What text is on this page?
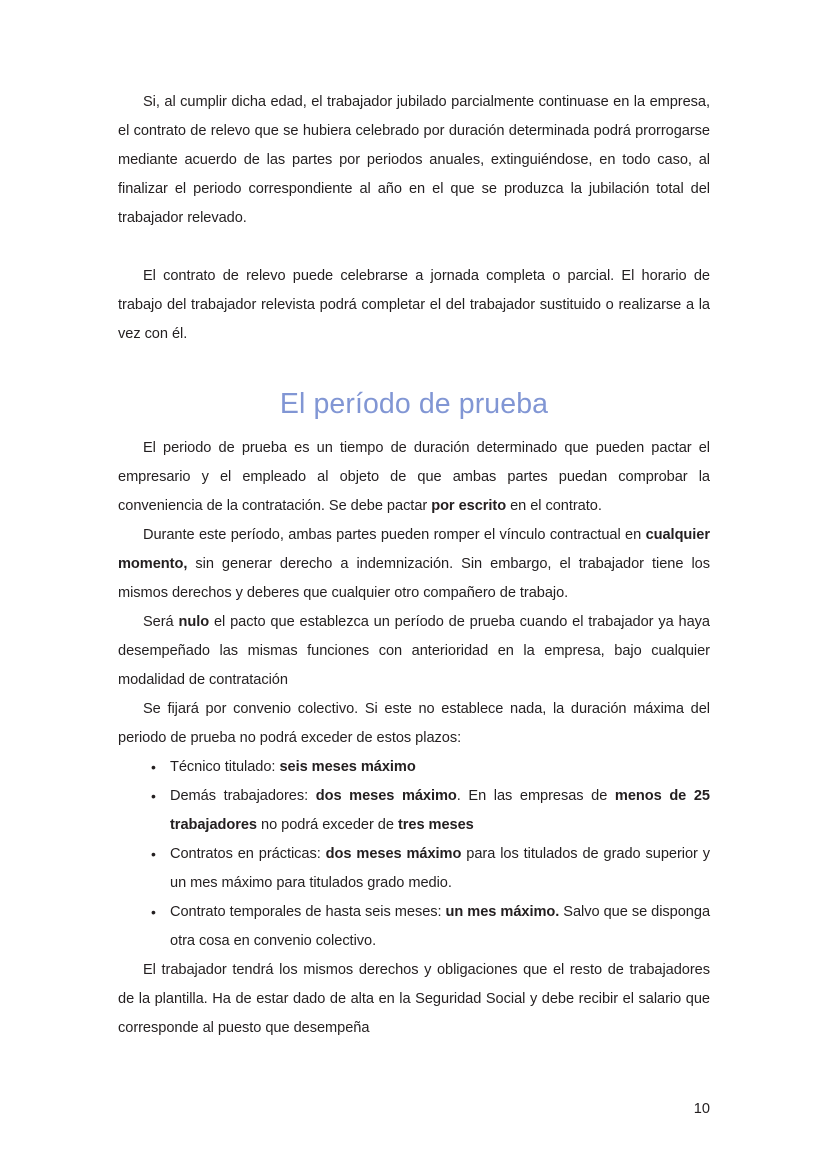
Si, al cumplir dicha edad, el trabajador jubilado parcialmente continuase en la empresa, el contrato de relevo que se hubiera celebrado por duración determinada podrá prorrogarse mediante acuerdo de las partes por periodos anuales, extinguiéndose, en todo caso, al finalizar el periodo correspondiente al año en el que se produzca la jubilación total del trabajador relevado.

El contrato de relevo puede celebrarse a jornada completa o parcial. El horario de trabajo del trabajador relevista podrá completar el del trabajador sustituido o realizarse a la vez con él.

El período de prueba

El periodo de prueba es un tiempo de duración determinado que pueden pactar el empresario y el empleado al objeto de que ambas partes puedan comprobar la conveniencia de la contratación. Se debe pactar por escrito en el contrato.

Durante este período, ambas partes pueden romper el vínculo contractual en cualquier momento, sin generar derecho a indemnización. Sin embargo, el trabajador tiene los mismos derechos y deberes que cualquier otro compañero de trabajo.

Será nulo el pacto que establezca un período de prueba cuando el trabajador ya haya desempeñado las mismas funciones con anterioridad en la empresa, bajo cualquier modalidad de contratación

Se fijará por convenio colectivo. Si este no establece nada, la duración máxima del periodo de prueba no podrá exceder de estos plazos:

• Técnico titulado: seis meses máximo
• Demás trabajadores: dos meses máximo. En las empresas de menos de 25 trabajadores no podrá exceder de tres meses
• Contratos en prácticas: dos meses máximo para los titulados de grado superior y un mes máximo para titulados grado medio.
• Contrato temporales de hasta seis meses: un mes máximo. Salvo que se disponga otra cosa en convenio colectivo.

El trabajador tendrá los mismos derechos y obligaciones que el resto de trabajadores de la plantilla. Ha de estar dado de alta en la Seguridad Social y debe recibir el salario que corresponde al puesto que desempeña

10
